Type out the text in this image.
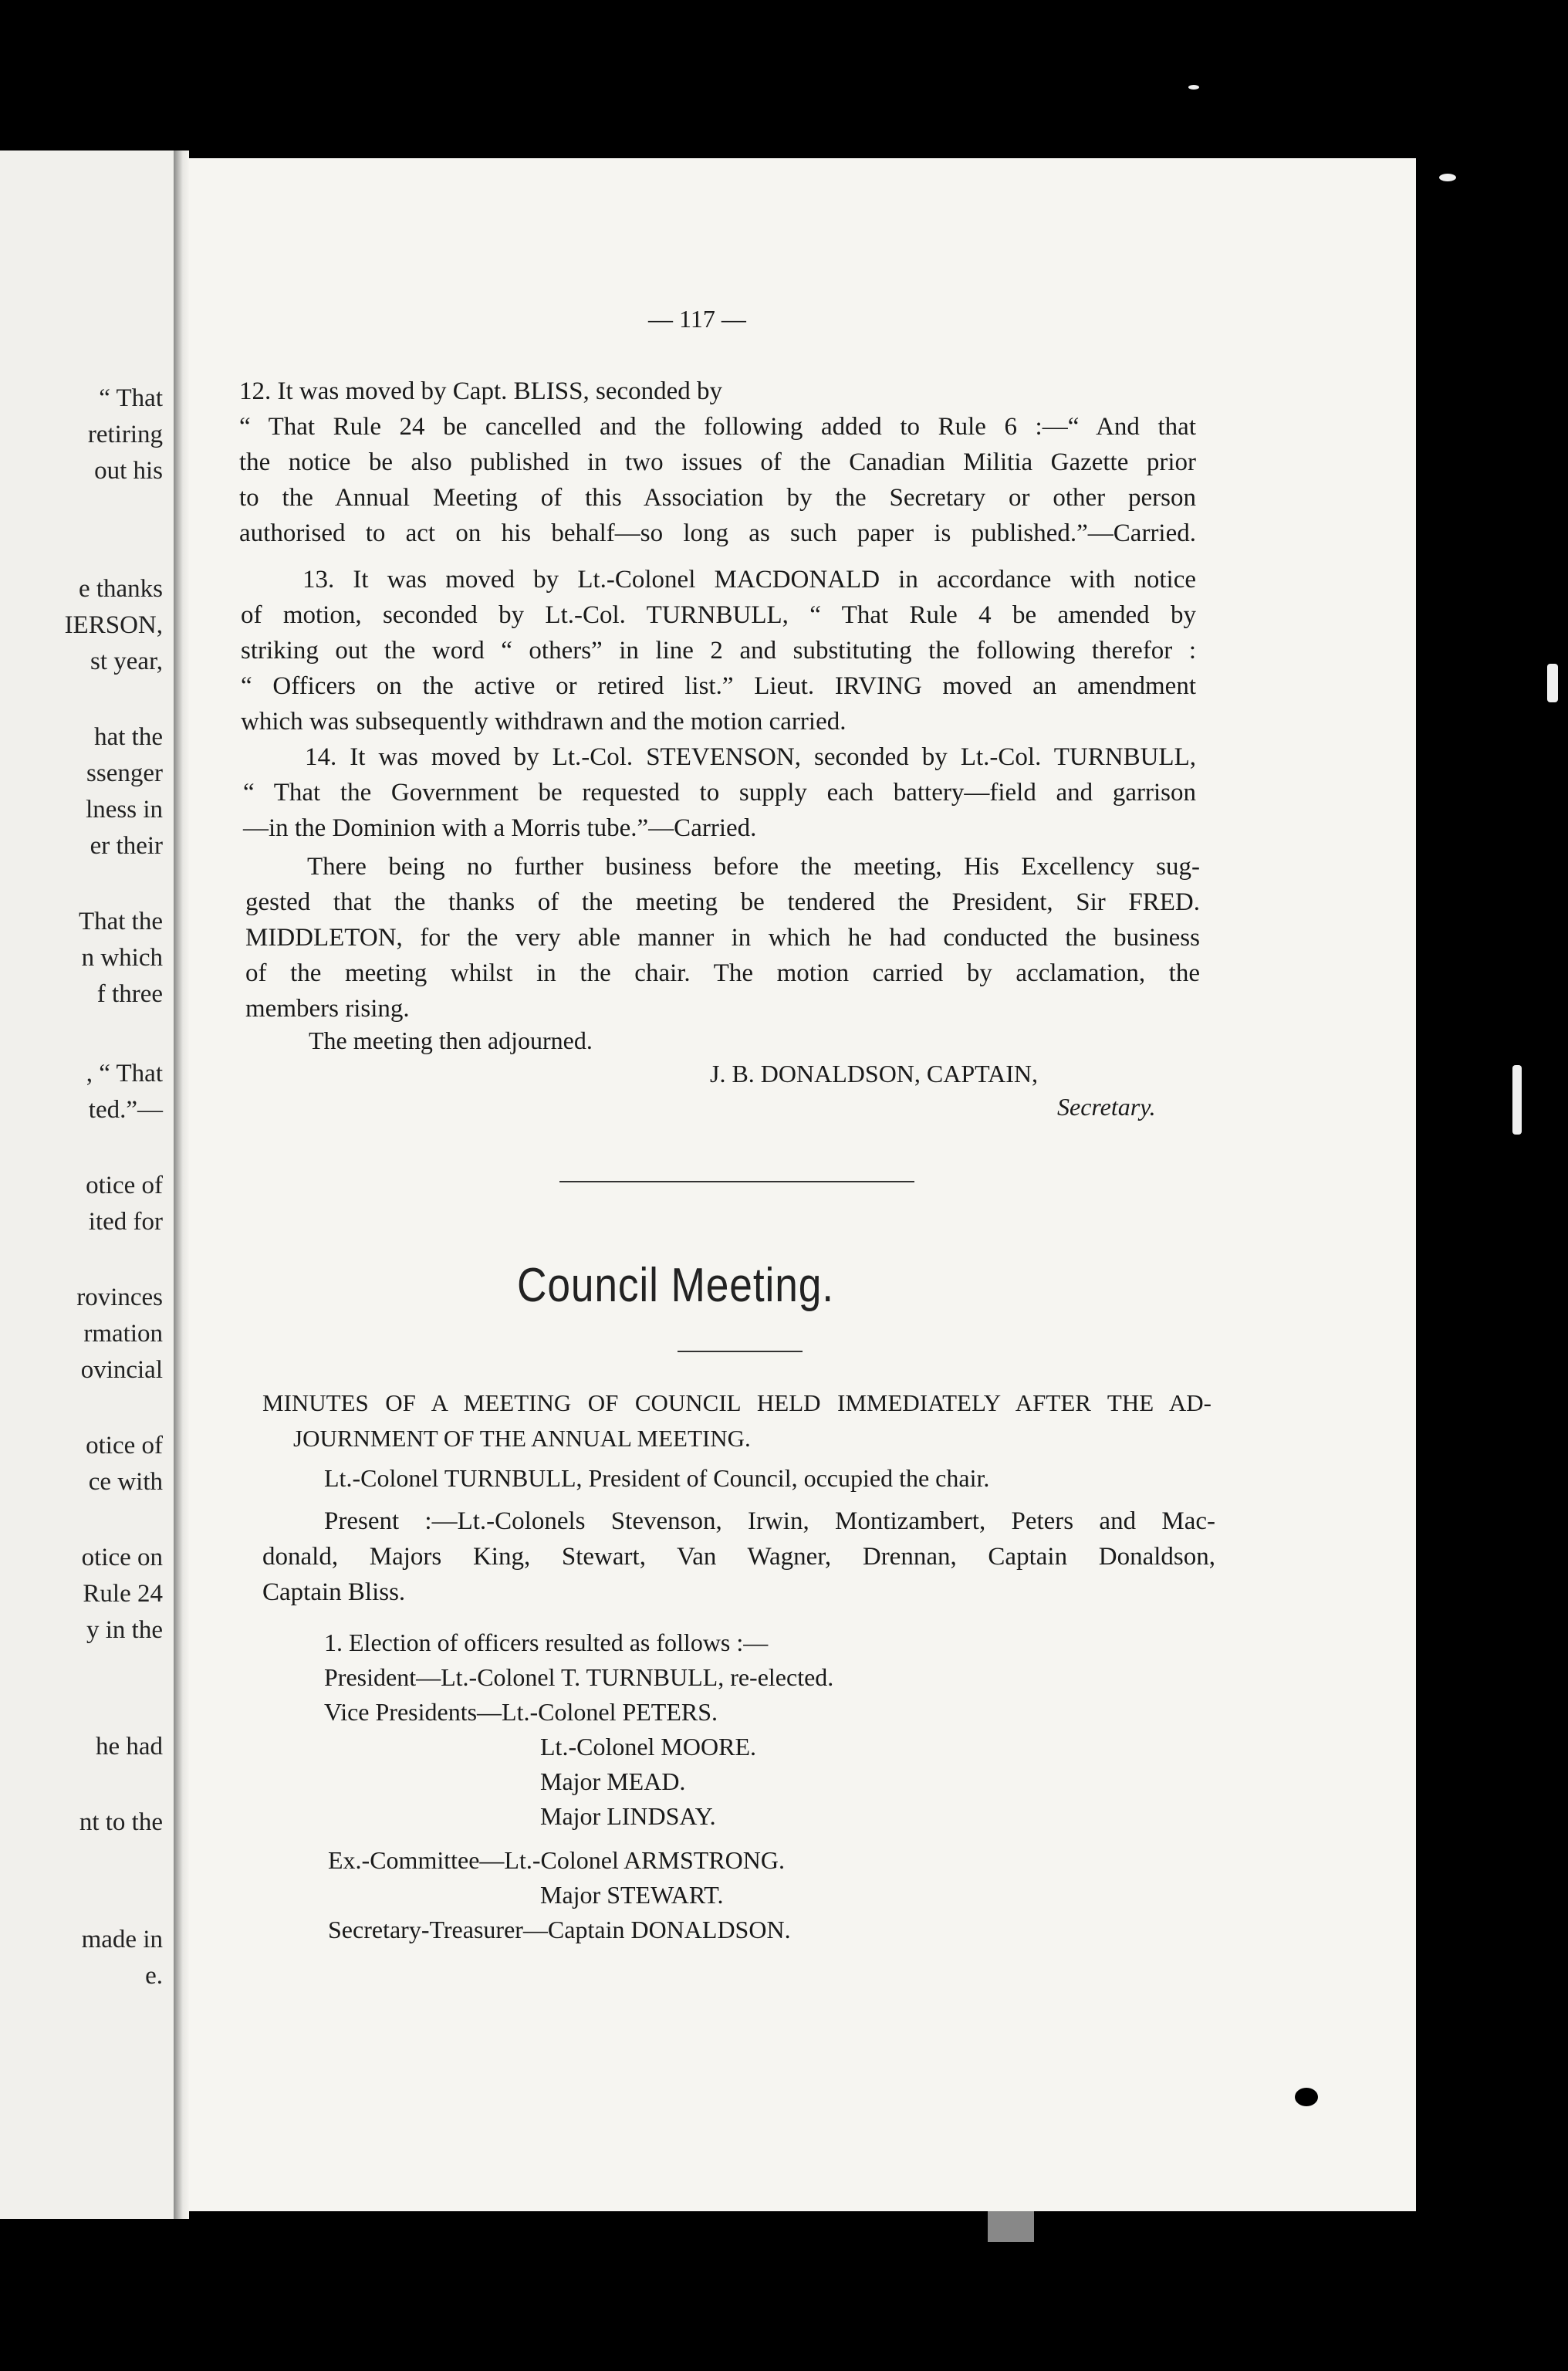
“ That
retiring
out his
e thanks
IERSON,
st year,
hat the
ssenger
lness in
er their
That the
n which
f three
, “ That
ted.”—
otice of
ited for
rovinces
rmation
ovincial
otice of
ce with
otice on
Rule 24
y in the
he had
nt to the
made in
e.
— 117 —
12. It was moved by Capt. BLISS, seconded by
“ That Rule 24 be cancelled and the following added to Rule 6 :—“ And that
the notice be also published in two issues of the Canadian Militia Gazette prior
to the Annual Meeting of this Association by the Secretary or other person
authorised to act on his behalf—so long as such paper is published.”—Carried.
13. It was moved by Lt.-Colonel MACDONALD in accordance with notice
of motion, seconded by Lt.-Col. TURNBULL, “ That Rule 4 be amended by
striking out the word “ others” in line 2 and substituting the following therefor :
“ Officers on the active or retired list.” Lieut. IRVING moved an amendment
which was subsequently withdrawn and the motion carried.
14. It was moved by Lt.-Col. STEVENSON, seconded by Lt.-Col. TURNBULL,
“ That the Government be requested to supply each battery—field and garrison
—in the Dominion with a Morris tube.”—Carried.
There being no further business before the meeting, His Excellency sug-
gested that the thanks of the meeting be tendered the President, Sir FRED.
MIDDLETON, for the very able manner in which he had conducted the business
of the meeting whilst in the chair. The motion carried by acclamation, the
members rising.
The meeting then adjourned.
J. B. DONALDSON, CAPTAIN,
Secretary.
Council Meeting.
MINUTES OF A MEETING OF COUNCIL HELD IMMEDIATELY AFTER THE AD-
JOURNMENT OF THE ANNUAL MEETING.
Lt.-Colonel TURNBULL, President of Council, occupied the chair.
Present :—Lt.-Colonels Stevenson, Irwin, Montizambert, Peters and Mac-
donald, Majors King, Stewart, Van Wagner, Drennan, Captain Donaldson,
Captain Bliss.
1. Election of officers resulted as follows :—
President—Lt.-Colonel T. TURNBULL, re-elected.
Vice Presidents—Lt.-Colonel PETERS.
Lt.-Colonel MOORE.
Major MEAD.
Major LINDSAY.
Ex.-Committee—Lt.-Colonel ARMSTRONG.
Major STEWART.
Secretary-Treasurer—Captain DONALDSON.
